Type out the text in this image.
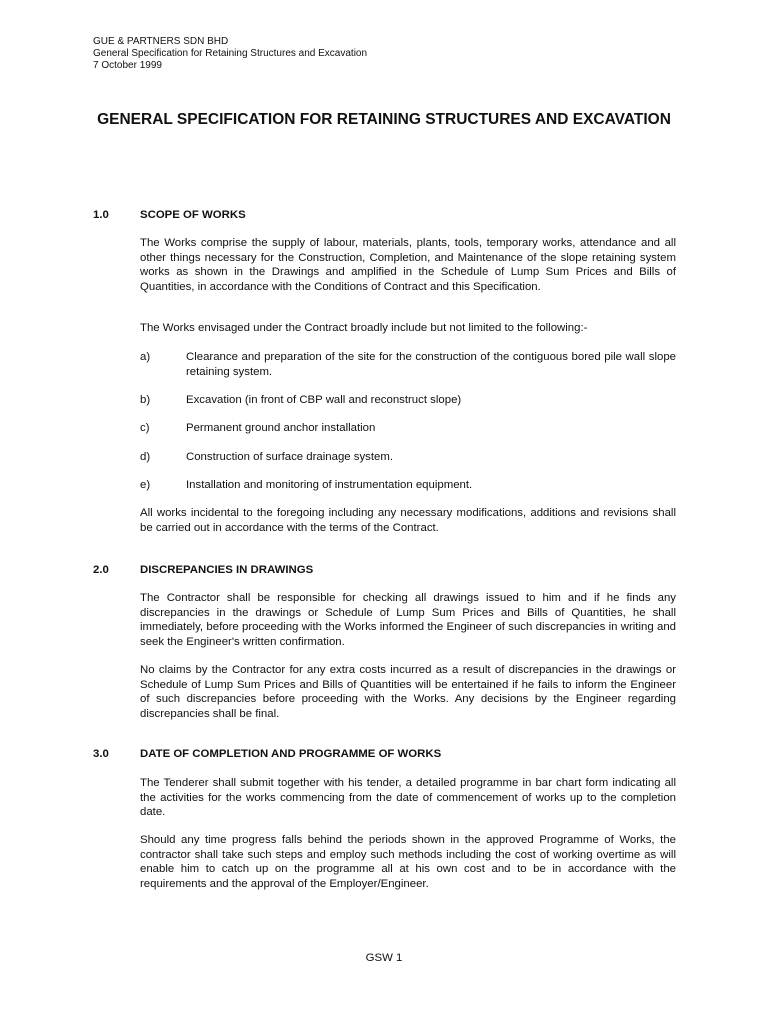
GUE & PARTNERS SDN BHD
General Specification for Retaining Structures and Excavation
7 October 1999
GENERAL SPECIFICATION FOR RETAINING STRUCTURES AND EXCAVATION
1.0	SCOPE OF WORKS
The Works comprise the supply of labour, materials, plants, tools, temporary works, attendance and all other things necessary for the Construction, Completion, and Maintenance of the slope retaining system works as shown in the Drawings and amplified in the Schedule of Lump Sum Prices and Bills of Quantities, in accordance with the Conditions of Contract and this Specification.
The Works envisaged under the Contract broadly include but not limited to the following:-
a)	Clearance and preparation of the site for the construction of the contiguous bored pile wall slope retaining system.
b)	Excavation (in front of CBP wall and reconstruct slope)
c)	Permanent ground anchor installation
d)	Construction of surface drainage system.
e)	Installation and monitoring of instrumentation equipment.
All works incidental to the foregoing including any necessary modifications, additions and revisions shall be carried out in accordance with the terms of the Contract.
2.0	DISCREPANCIES IN DRAWINGS
The Contractor shall be responsible for checking all drawings issued to him and if he finds any discrepancies in the drawings or Schedule of Lump Sum Prices and Bills of Quantities, he shall immediately, before proceeding with the Works informed the Engineer of such discrepancies in writing and seek the Engineer's written confirmation.
No claims by the Contractor for any extra costs incurred as a result of discrepancies in the drawings or Schedule of Lump Sum Prices and Bills of Quantities will be entertained if he fails to inform the Engineer of such discrepancies before proceeding with the Works. Any decisions by the Engineer regarding discrepancies shall be final.
3.0	DATE OF COMPLETION AND PROGRAMME OF WORKS
The Tenderer shall submit together with his tender, a detailed programme in bar chart form indicating all the activities for the works commencing from the date of commencement of works up to the completion date.
Should any time progress falls behind the periods shown in the approved Programme of Works, the contractor shall take such steps and employ such methods including the cost of working overtime as will enable him to catch up on the programme all at his own cost and to be in accordance with the requirements and the approval of the Employer/Engineer.
GSW 1
